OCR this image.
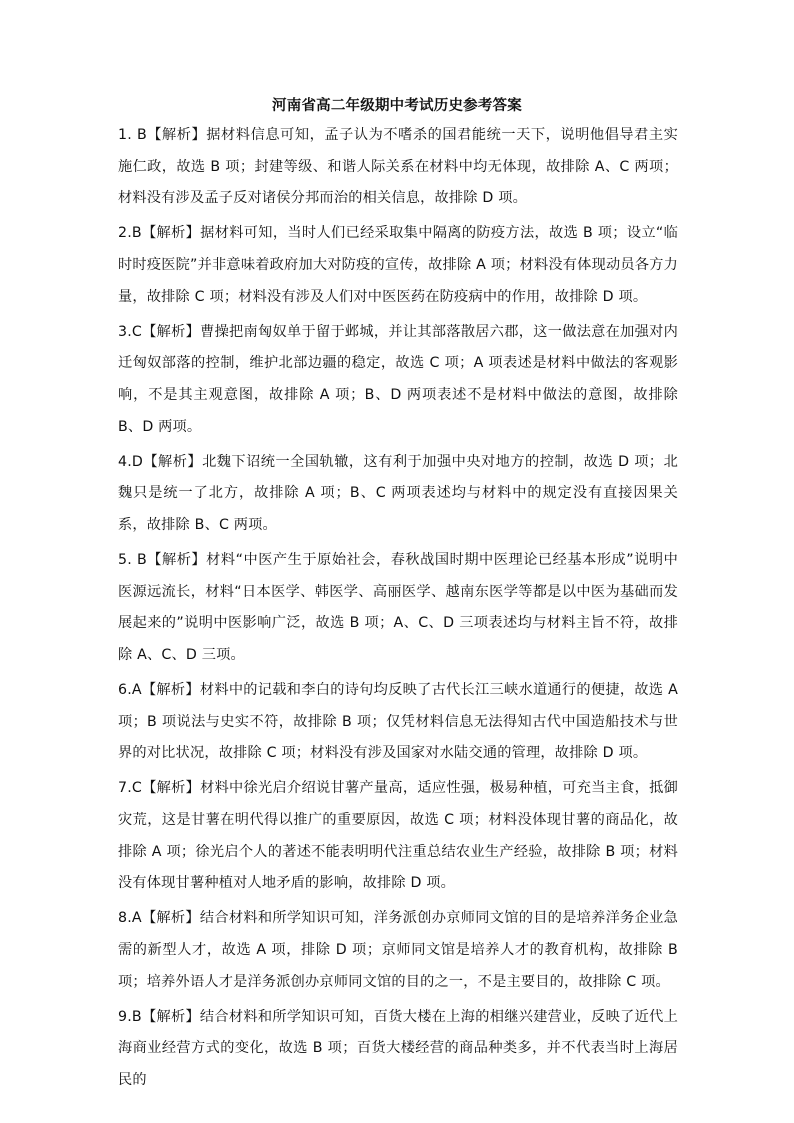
河南省高二年级期中考试历史参考答案

1. B【解析】据材料信息可知，孟子认为不嗜杀的国君能统一天下，说明他倡导君主实施仁政，故选 B 项；封建等级、和谐人际关系在材料中均无体现，故排除 A、C 两项；材料没有涉及孟子反对诸侯分邦而治的相关信息，故排除 D 项。

2.B【解析】据材料可知，当时人们已经采取集中隔离的防疫方法，故选 B 项；设立“临时时疫医院”并非意味着政府加大对防疫的宣传，故排除 A 项；材料没有体现动员各方力量，故排除 C 项；材料没有涉及人们对中医医药在防疫病中的作用，故排除 D 项。

3.C【解析】曹操把南匈奴单于留于邺城，并让其部落散居六郡，这一做法意在加强对内迁匈奴部落的控制，维护北部边疆的稳定，故选 C 项；A 项表述是材料中做法的客观影响，不是其主观意图，故排除 A 项；B、D 两项表述不是材料中做法的意图，故排除 B、D 两项。

4.D【解析】北魏下诏统一全国轨辙，这有利于加强中央对地方的控制，故选 D 项；北魏只是统一了北方，故排除 A 项；B、C 两项表述均与材料中的规定没有直接因果关系，故排除 B、C 两项。

5. B【解析】材料“中医产生于原始社会，春秋战国时期中医理论已经基本形成”说明中医源远流长，材料“日本医学、韩医学、高丽医学、越南东医学等都是以中医为基础而发展起来的”说明中医影响广泛，故选 B 项；A、C、D 三项表述均与材料主旨不符，故排除 A、C、D 三项。

6.A【解析】材料中的记载和李白的诗句均反映了古代长江三峡水道通行的便捷，故选 A 项；B 项说法与史实不符，故排除 B 项；仅凭材料信息无法得知古代中国造船技术与世界的对比状况，故排除 C 项；材料没有涉及国家对水陆交通的管理，故排除 D 项。

7.C【解析】材料中徐光启介绍说甘薯产量高，适应性强，极易种植，可充当主食，抵御灾荒，这是甘薯在明代得以推广的重要原因，故选 C 项；材料没体现甘薯的商品化，故排除 A 项；徐光启个人的著述不能表明明代注重总结农业生产经验，故排除 B 项；材料没有体现甘薯种植对人地矛盾的影响，故排除 D 项。

8.A【解析】结合材料和所学知识可知，洋务派创办京师同文馆的目的是培养洋务企业急需的新型人才，故选 A 项，排除 D 项；京师同文馆是培养人才的教育机构，故排除 B 项；培养外语人才是洋务派创办京师同文馆的目的之一，不是主要目的，故排除 C 项。

9.B【解析】结合材料和所学知识可知，百货大楼在上海的相继兴建营业，反映了近代上海商业经营方式的变化，故选 B 项；百货大楼经营的商品种类多，并不代表当时上海居民的
